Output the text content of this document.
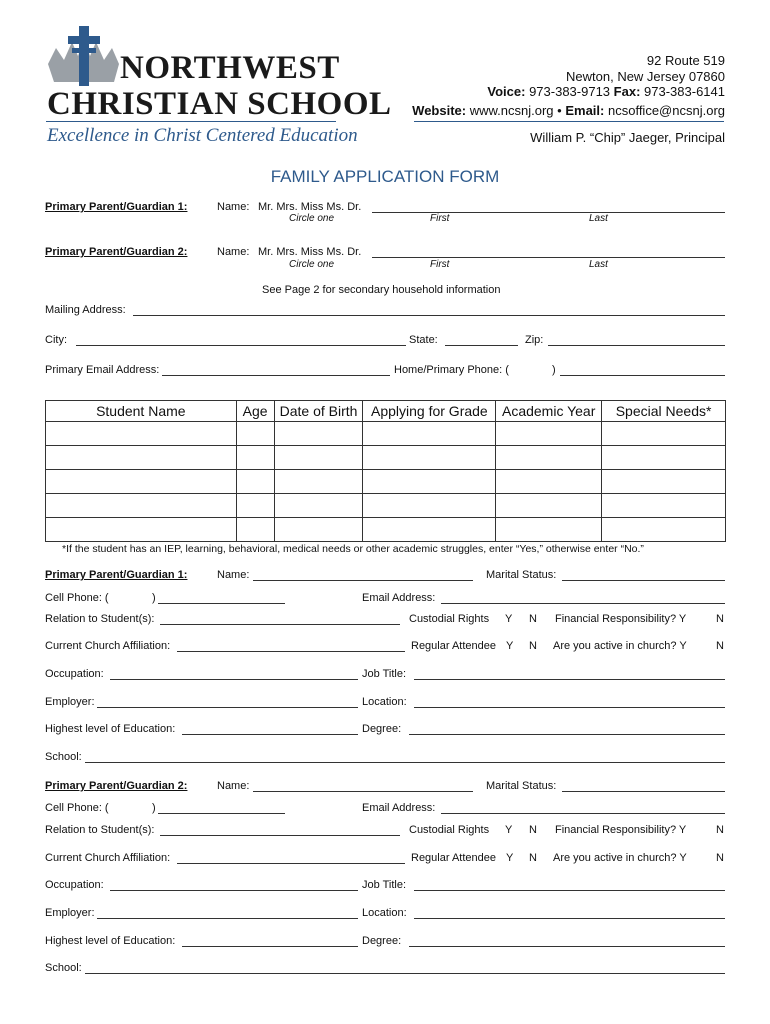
NORTHWEST
CHRISTIAN SCHOOL
92 Route 519
Newton, New Jersey 07860
Voice: 973-383-9713 Fax: 973-383-6141
Website: www.ncsnj.org • Email: ncsoffice@ncsnj.org
Excellence in Christ Centered Education	William P. “Chip” Jaeger, Principal
FAMILY APPLICATION FORM
Primary Parent/Guardian 1:	Name: Mr. Mrs. Miss Ms. Dr.
Circle one	First	Last
Primary Parent/Guardian 2:	Name: Mr. Mrs. Miss Ms. Dr.
Circle one	First	Last
See Page 2 for secondary household information
Mailing Address:
City:	State:	Zip:
Primary Email Address:	Home/Primary Phone: (	)
Student Name	Age	Date of Birth	Applying for Grade	Academic Year	Special Needs*

*If the student has an IEP, learning, behavioral, medical needs or other academic struggles, enter “Yes,” otherwise enter “No.”
Primary Parent/Guardian 1:	Name:	Marital Status:
Cell Phone: (	)	Email Address:
Relation to Student(s):	Custodial Rights Y N Financial Responsibility? Y	N
Current Church Affiliation:	Regular Attendee Y N Are you active in church? Y	N
Occupation:	Job Title:
Employer:	Location:
Highest level of Education:	Degree:
School:
Primary Parent/Guardian 2:	Name:	Marital Status:
Cell Phone: (	)	Email Address:
Relation to Student(s):	Custodial Rights Y N Financial Responsibility? Y	N
Current Church Affiliation:	Regular Attendee Y N Are you active in church? Y	N
Occupation:	Job Title:
Employer:	Location:
Highest level of Education:	Degree:
School:
